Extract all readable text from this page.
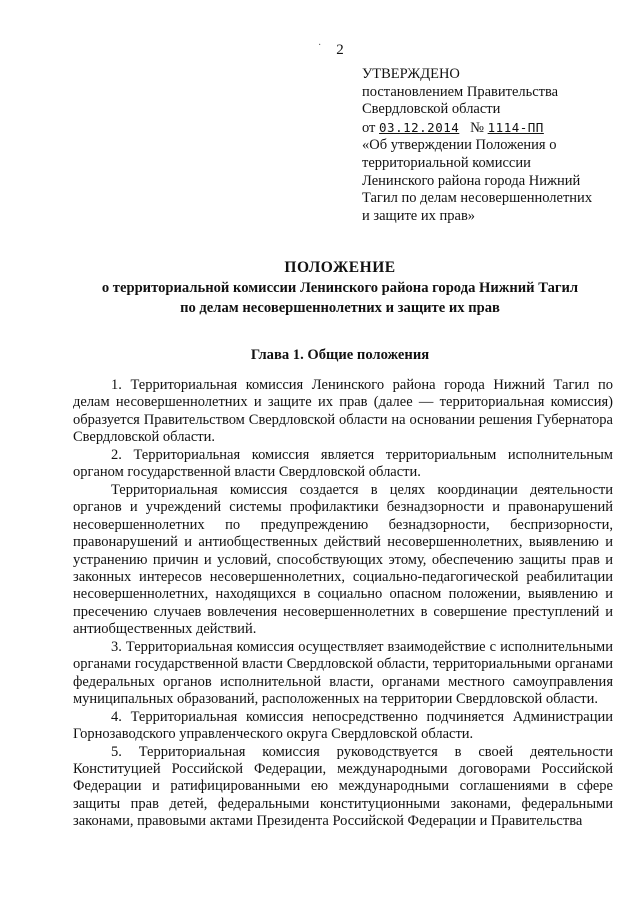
· 2
УТВЕРЖДЕНО
постановлением Правительства
Свердловской области
от 03.12.2014 № 1114-ПП
«Об утверждении Положения о
территориальной комиссии
Ленинского района города Нижний
Тагил по делам несовершеннолетних
и защите их прав»
ПОЛОЖЕНИЕ
о территориальной комиссии Ленинского района города Нижний Тагил
по делам несовершеннолетних и защите их прав
Глава 1. Общие положения

1. Территориальная комиссия Ленинского района города Нижний Тагил по делам несовершеннолетних и защите их прав (далее — территориальная комиссия) образуется Правительством Свердловской области на основании решения Губернатора Свердловской области.

2. Территориальная комиссия является территориальным исполнительным органом государственной власти Свердловской области.

Территориальная комиссия создается в целях координации деятельности органов и учреждений системы профилактики безнадзорности и правонарушений несовершеннолетних по предупреждению безнадзорности, беспризорности, правонарушений и антиобщественных действий несовершеннолетних, выявлению и устранению причин и условий, способствующих этому, обеспечению защиты прав и законных интересов несовершеннолетних, социально-педагогической реабилитации несовершеннолетних, находящихся в социально опасном положении, выявлению и пресечению случаев вовлечения несовершеннолетних в совершение преступлений и антиобщественных действий.

3. Территориальная комиссия осуществляет взаимодействие с исполнительными органами государственной власти Свердловской области, территориальными органами федеральных органов исполнительной власти, органами местного самоуправления муниципальных образований, расположенных на территории Свердловской области.

4. Территориальная комиссия непосредственно подчиняется Администрации Горнозаводского управленческого округа Свердловской области.

5. Территориальная комиссия руководствуется в своей деятельности Конституцией Российской Федерации, международными договорами Российской Федерации и ратифицированными ею международными соглашениями в сфере защиты прав детей, федеральными конституционными законами, федеральными законами, правовыми актами Президента Российской Федерации и Правительства
